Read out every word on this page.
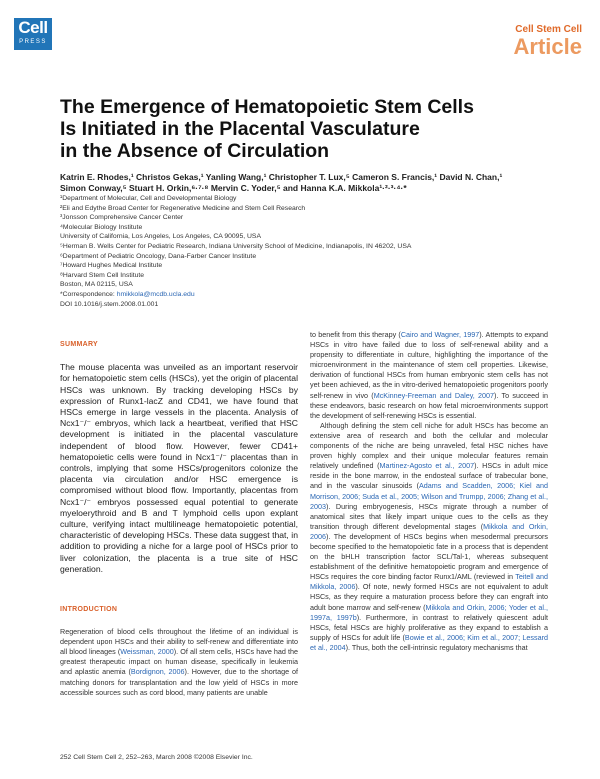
Cell
PRESS
Cell Stem Cell
Article
The Emergence of Hematopoietic Stem Cells
Is Initiated in the Placental Vasculature
in the Absence of Circulation
Katrin E. Rhodes,¹ Christos Gekas,¹ Yanling Wang,¹ Christopher T. Lux,⁵ Cameron S. Francis,¹ David N. Chan,¹
Simon Conway,⁵ Stuart H. Orkin,⁶·⁷·⁸ Mervin C. Yoder,⁵ and Hanna K.A. Mikkola¹·²·³·⁴·*
¹Department of Molecular, Cell and Developmental Biology
²Eli and Edythe Broad Center for Regenerative Medicine and Stem Cell Research
³Jonsson Comprehensive Cancer Center
⁴Molecular Biology Institute
University of California, Los Angeles, Los Angeles, CA 90095, USA
⁵Herman B. Wells Center for Pediatric Research, Indiana University School of Medicine, Indianapolis, IN 46202, USA
⁶Department of Pediatric Oncology, Dana-Farber Cancer Institute
⁷Howard Hughes Medical Institute
⁸Harvard Stem Cell Institute
Boston, MA 02115, USA
*Correspondence: hmikkola@mcdb.ucla.edu
DOI 10.1016/j.stem.2008.01.001
SUMMARY

The mouse placenta was unveiled as an important reservoir for hematopoietic stem cells (HSCs), yet the origin of placental HSCs was unknown. By tracking developing HSCs by expression of Runx1-lacZ and CD41, we have found that HSCs emerge in large vessels in the placenta. Analysis of Ncx1⁻/⁻ embryos, which lack a heartbeat, verified that HSC development is initiated in the placental vasculature independent of blood flow. However, fewer CD41+ hematopoietic cells were found in Ncx1⁻/⁻ placentas than in controls, implying that some HSCs/progenitors colonize the placenta via circulation and/or HSC emergence is compromised without blood flow. Importantly, placentas from Ncx1⁻/⁻ embryos possessed equal potential to generate myeloerythroid and B and T lymphoid cells upon explant culture, verifying intact multilineage hematopoietic potential, characteristic of developing HSCs. These data suggest that, in addition to providing a niche for a large pool of HSCs prior to liver colonization, the placenta is a true site of HSC generation.

INTRODUCTION

Regeneration of blood cells throughout the lifetime of an individual is dependent upon HSCs and their ability to self-renew and differentiate into all blood lineages (Weissman, 2000). Of all stem cells, HSCs have had the greatest therapeutic impact on human disease, specifically in leukemia and aplastic anemia (Bordignon, 2006). However, due to the shortage of matching donors for transplantation and the low yield of HSCs in more accessible sources such as cord blood, many patients are unable

to benefit from this therapy (Cairo and Wagner, 1997). Attempts to expand HSCs in vitro have failed due to loss of self-renewal ability and a propensity to differentiate in culture, highlighting the importance of the microenvironment in the maintenance of stem cell properties. Likewise, derivation of functional HSCs from human embryonic stem cells has not yet been achieved, as the in vitro-derived hematopoietic progenitors poorly self-renew in vivo (McKinney-Freeman and Daley, 2007). To succeed in these endeavors, basic research on how fetal microenvironments support the development of self-renewing HSCs is essential.

Although defining the stem cell niche for adult HSCs has become an extensive area of research and both the cellular and molecular components of the niche are being unraveled, fetal HSC niches have proven highly complex and their unique molecular features remain relatively undefined (Martinez-Agosto et al., 2007). HSCs in adult mice reside in the bone marrow, in the endosteal surface of trabecular bone, and in the vascular sinusoids (Adams and Scadden, 2006; Kiel and Morrison, 2006; Suda et al., 2005; Wilson and Trumpp, 2006; Zhang et al., 2003). During embryogenesis, HSCs migrate through a number of anatomical sites that likely impart unique cues to the cells as they transition through different developmental stages (Mikkola and Orkin, 2006). The development of HSCs begins when mesodermal precursors become specified to the hematopoietic fate in a process that is dependent on the bHLH transcription factor SCL/Tal-1, whereas subsequent establishment of the definitive hematopoietic program and emergence of HSCs requires the core binding factor Runx1/AML (reviewed in Teitell and Mikkola, 2006). Of note, newly formed HSCs are not equivalent to adult HSCs, as they require a maturation process before they can engraft into adult bone marrow and self-renew (Mikkola and Orkin, 2006; Yoder et al., 1997a, 1997b). Furthermore, in contrast to relatively quiescent adult HSCs, fetal HSCs are highly proliferative as they expand to establish a supply of HSCs for adult life (Bowie et al., 2006; Kim et al., 2007; Lessard et al., 2004). Thus, both the cell-intrinsic regulatory mechanisms that

252 Cell Stem Cell 2, 252–263, March 2008 ©2008 Elsevier Inc.
